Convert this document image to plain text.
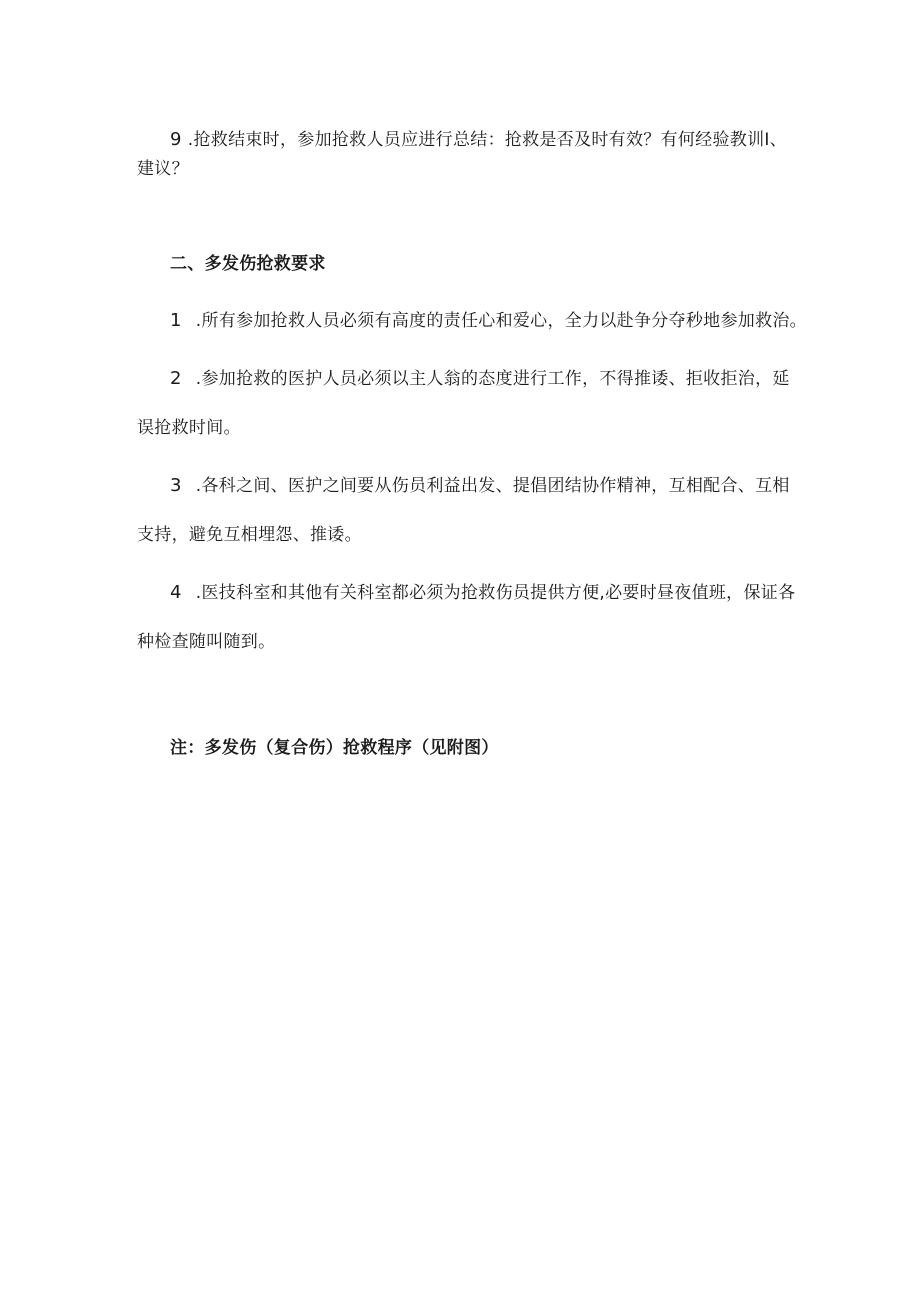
9 .抢救结束时，参加抢救人员应进行总结：抢救是否及时有效？有何经验教训Ⅰ、
建议？
二、多发伤抢救要求
1 .所有参加抢救人员必须有高度的责任心和爱心，全力以赴争分夺秒地参加救治。
2 .参加抢救的医护人员必须以主人翁的态度进行工作，不得推诿、拒收拒治，延
误抢救时间。
3 .各科之间、医护之间要从伤员利益出发、提倡团结协作精神，互相配合、互相
支持，避免互相埋怨、推诿。
4 .医技科室和其他有关科室都必须为抢救伤员提供方便,必要时昼夜值班，保证各
种检查随叫随到。
注：多发伤（复合伤）抢救程序（见附图）
